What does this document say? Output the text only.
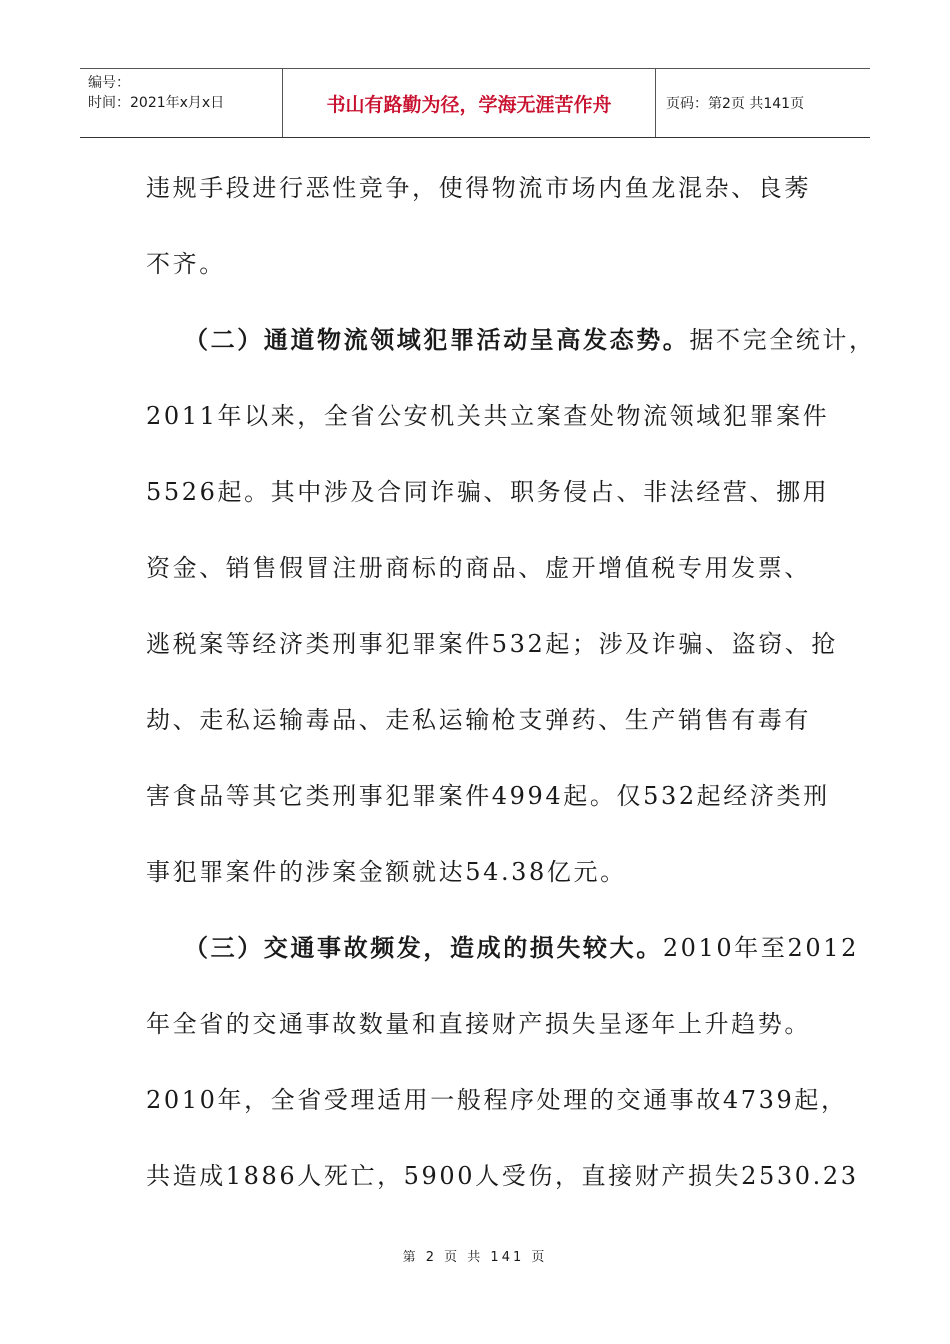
编号：
时间：2021年x月x日	书山有路勤为径，学海无涯苦作舟	页码：第2页 共141页

违规手段进行恶性竞争，使得物流市场内鱼龙混杂、良莠

不齐。

（二）通道物流领域犯罪活动呈高发态势。据不完全统计，

2011年以来，全省公安机关共立案查处物流领域犯罪案件

5526起。其中涉及合同诈骗、职务侵占、非法经营、挪用

资金、销售假冒注册商标的商品、虚开增值税专用发票、

逃税案等经济类刑事犯罪案件532起；涉及诈骗、盗窃、抢

劫、走私运输毒品、走私运输枪支弹药、生产销售有毒有

害食品等其它类刑事犯罪案件4994起。仅532起经济类刑

事犯罪案件的涉案金额就达54.38亿元。

（三）交通事故频发，造成的损失较大。2010年至2012

年全省的交通事故数量和直接财产损失呈逐年上升趋势。

2010年，全省受理适用一般程序处理的交通事故4739起，

共造成1886人死亡，5900人受伤，直接财产损失2530.23

第 2 页 共 141 页
